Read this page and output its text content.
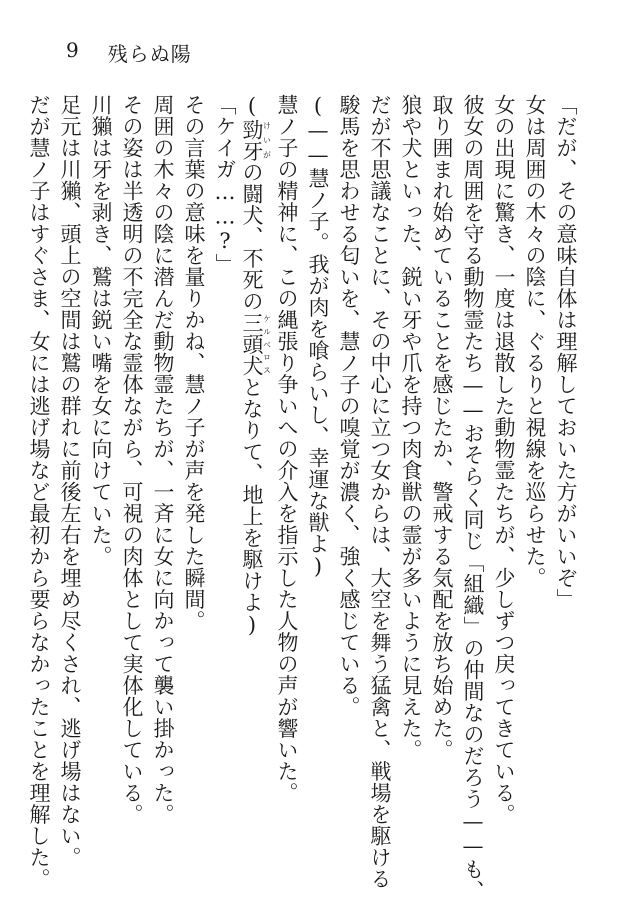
9 残らぬ陽
「だが、その意味自体は理解しておいた方がいいぞ」
女は周囲の木々の陰に、ぐるりと視線を巡らせた。
女の出現に驚き、一度は退散した動物霊たちが、少しずつ戻ってきている。
彼女の周囲を守る動物霊たち——おそらく同じ「組織」の仲間なのだろう——も、
取り囲まれ始めていることを感じたか、警戒する気配を放ち始めた。
狼や犬といった、鋭い牙や爪を持つ肉食獣の霊が多いように見えた。
だが不思議なことに、その中心に立つ女からは、大空を舞う猛禽と、戦場を駆ける
駿馬を思わせる匂いを、慧ノ子の嗅覚が濃く、強く感じている。
(——慧ノ子。我が肉を喰らいし、幸運な獣よ)
慧ノ子の精神に、この縄張り争いへの介入を指示した人物の声が響いた。
(勁牙けいがの闘犬、不死の三頭犬ケルベロスとなりて、地上を駆けよ)
「ケイガ……?」
その言葉の意味を量りかね、慧ノ子が声を発した瞬間。
周囲の木々の陰に潜んだ動物霊たちが、一斉に女に向かって襲い掛かった。
その姿は半透明の不完全な霊体ながら、可視の肉体として実体化している。
川獺は牙を剥き、鷲は鋭い嘴を女に向けていた。
足元は川獺、頭上の空間は鷲の群れに前後左右を埋め尽くされ、逃げ場はない。
だが慧ノ子はすぐさま、女には逃げ場など最初から要らなかったことを理解した。
